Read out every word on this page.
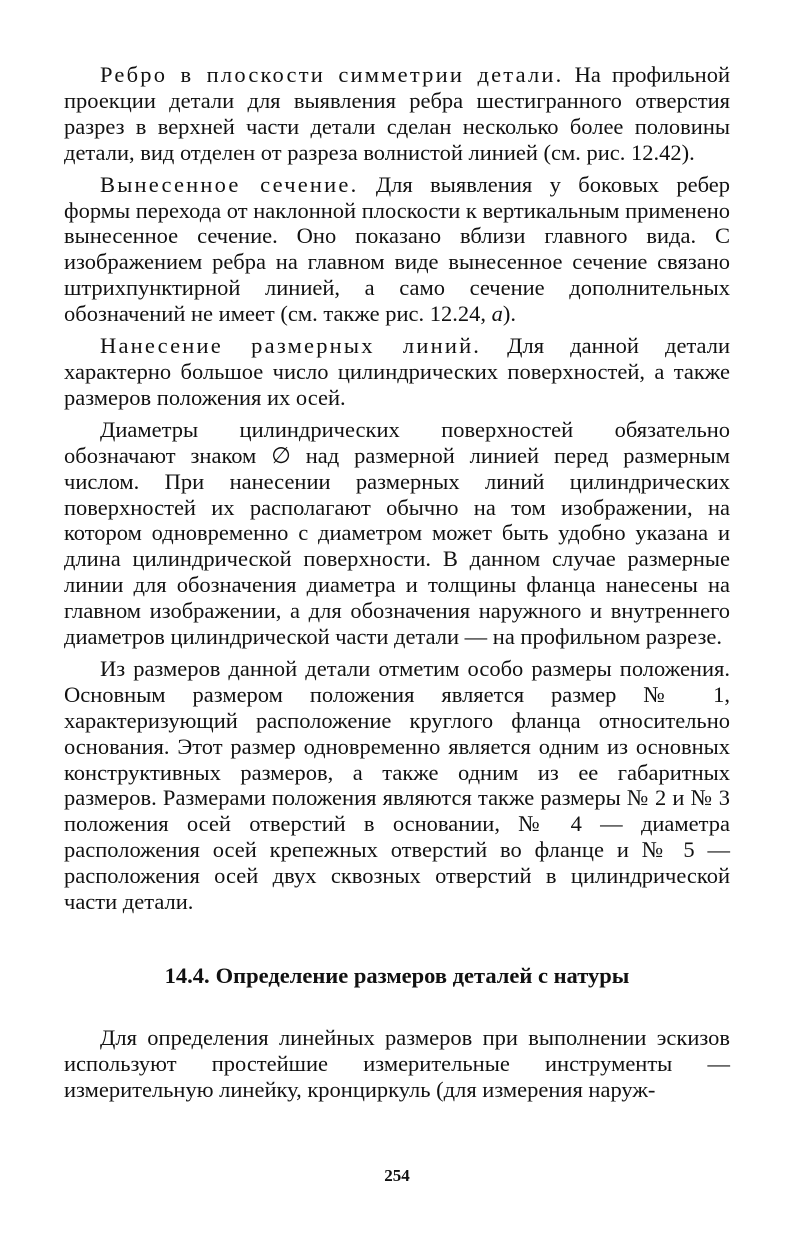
Ребро в плоскости симметрии детали. На профильной проекции детали для выявления ребра шестигранного отверстия разрез в верхней части детали сделан несколько более половины детали, вид отделен от разреза волнистой линией (см. рис. 12.42).

Вынесенное сечение. Для выявления у боковых ребер формы перехода от наклонной плоскости к вертикальным применено вынесенное сечение. Оно показано вблизи главного вида. С изображением ребра на главном виде вынесенное сечение связано штрихпунктирной линией, а само сечение дополнительных обозначений не имеет (см. также рис. 12.24, а).

Нанесение размерных линий. Для данной детали характерно большое число цилиндрических поверхностей, а также размеров положения их осей.

Диаметры цилиндрических поверхностей обязательно обозначают знаком ∅ над размерной линией перед размерным числом. При нанесении размерных линий цилиндрических поверхностей их располагают обычно на том изображении, на котором одновременно с диаметром может быть удобно указана и длина цилиндрической поверхности. В данном случае размерные линии для обозначения диаметра и толщины фланца нанесены на главном изображении, а для обозначения наружного и внутреннего диаметров цилиндрической части детали — на профильном разрезе.

Из размеров данной детали отметим особо размеры положения. Основным размером положения является размер № 1, характеризующий расположение круглого фланца относительно основания. Этот размер одновременно является одним из основных конструктивных размеров, а также одним из ее габаритных размеров. Размерами положения являются также размеры № 2 и № 3 положения осей отверстий в основании, № 4 — диаметра расположения осей крепежных отверстий во фланце и № 5 — расположения осей двух сквозных отверстий в цилиндрической части детали.

14.4. Определение размеров деталей с натуры

Для определения линейных размеров при выполнении эскизов используют простейшие измерительные инструменты — измерительную линейку, кронциркуль (для измерения наруж-

254
